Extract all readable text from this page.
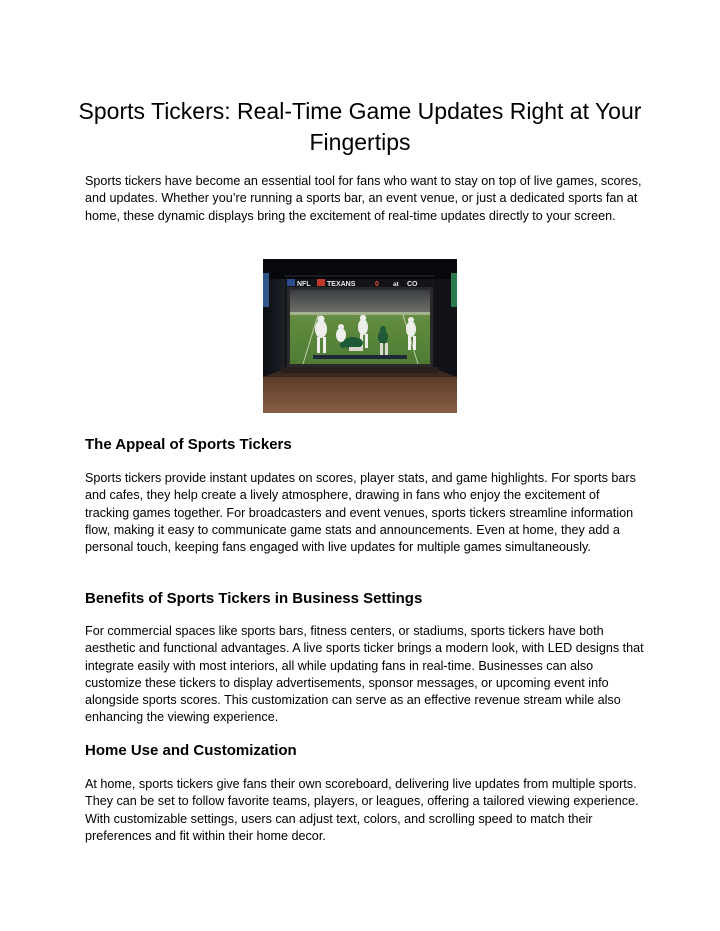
Sports Tickers: Real-Time Game Updates Right at Your Fingertips

Sports tickers have become an essential tool for fans who want to stay on top of live games, scores, and updates. Whether you’re running a sports bar, an event venue, or just a dedicated sports fan at home, these dynamic displays bring the excitement of real-time updates directly to your screen.

NFL TEXANS	0 at CO
The Appeal of Sports Tickers

Sports tickers provide instant updates on scores, player stats, and game highlights. For sports bars and cafes, they help create a lively atmosphere, drawing in fans who enjoy the excitement of tracking games together. For broadcasters and event venues, sports tickers streamline information flow, making it easy to communicate game stats and announcements. Even at home, they add a personal touch, keeping fans engaged with live updates for multiple games simultaneously.

Benefits of Sports Tickers in Business Settings

For commercial spaces like sports bars, fitness centers, or stadiums, sports tickers have both aesthetic and functional advantages. A live sports ticker brings a modern look, with LED designs that integrate easily with most interiors, all while updating fans in real-time. Businesses can also customize these tickers to display advertisements, sponsor messages, or upcoming event info alongside sports scores. This customization can serve as an effective revenue stream while also enhancing the viewing experience.

Home Use and Customization

At home, sports tickers give fans their own scoreboard, delivering live updates from multiple sports. They can be set to follow favorite teams, players, or leagues, offering a tailored viewing experience. With customizable settings, users can adjust text, colors, and scrolling speed to match their preferences and fit within their home decor.
